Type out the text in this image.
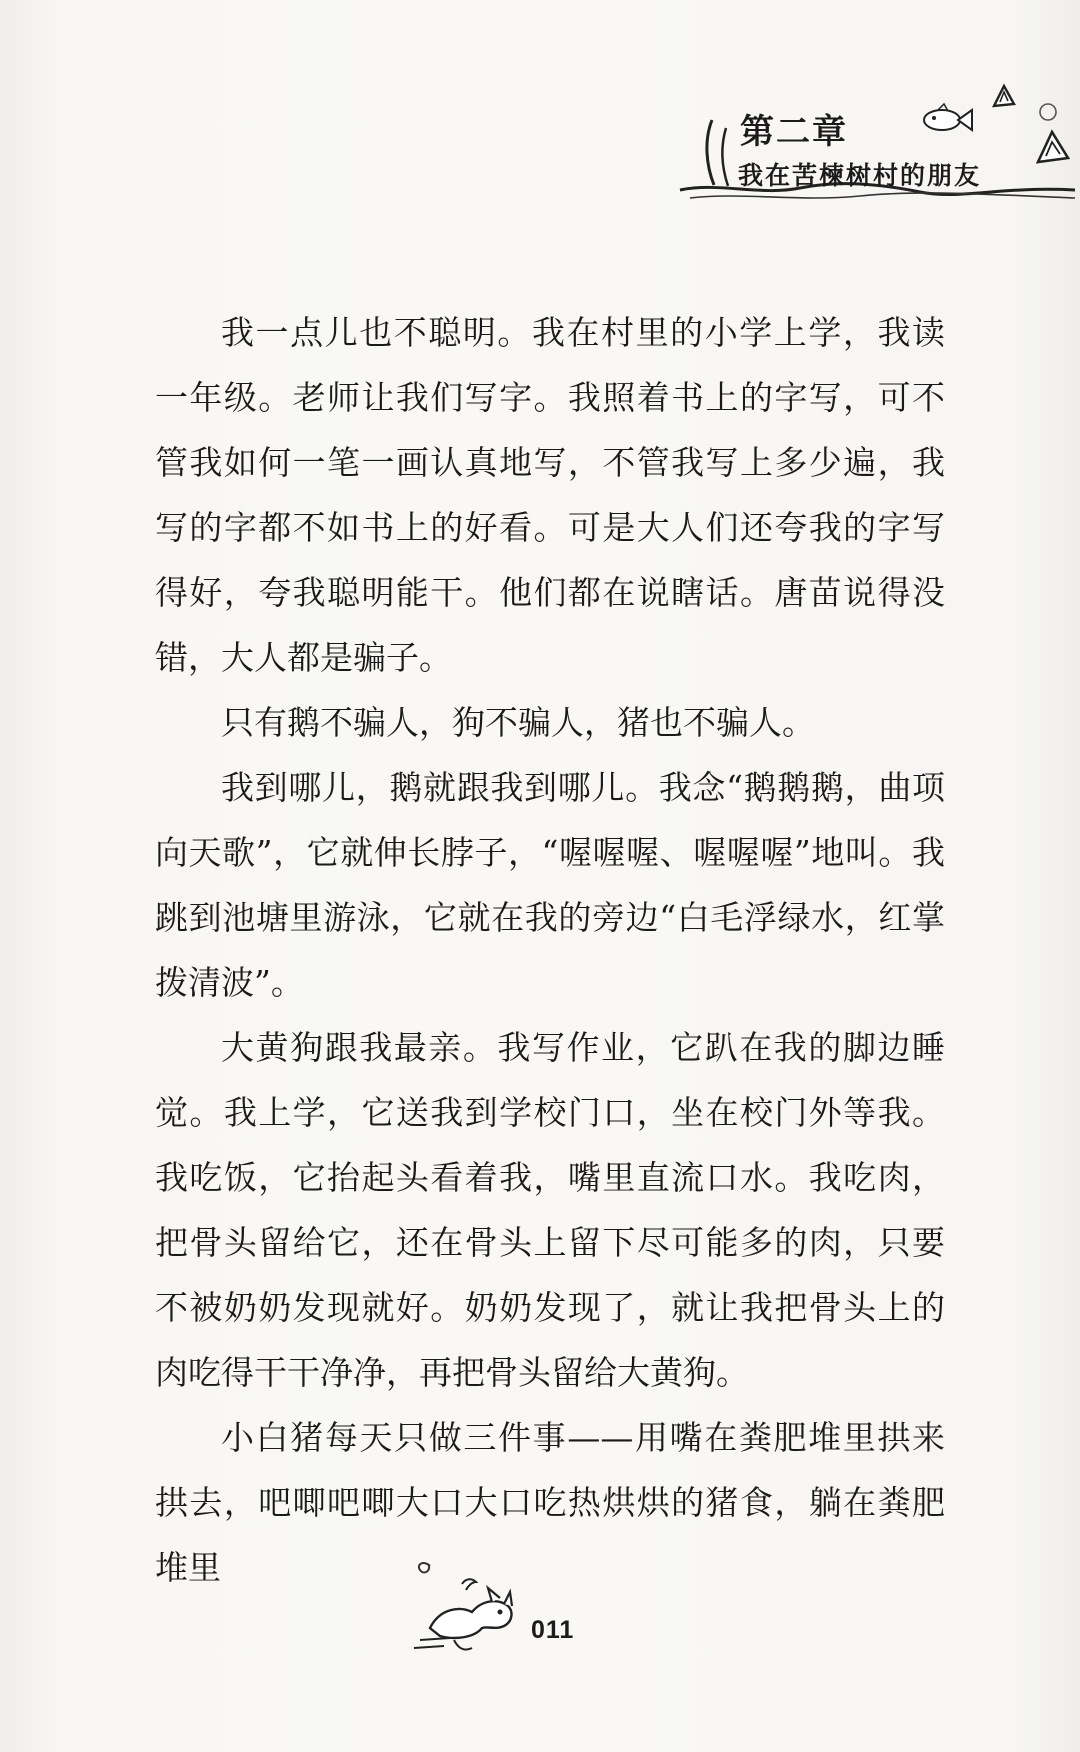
第二章
我在苦楝树村的朋友

我一点儿也不聪明。我在村里的小学上学，我读一年级。老师让我们写字。我照着书上的字写，可不管我如何一笔一画认真地写，不管我写上多少遍，我写的字都不如书上的好看。可是大人们还夸我的字写得好，夸我聪明能干。他们都在说瞎话。唐苗说得没错，大人都是骗子。

只有鹅不骗人，狗不骗人，猪也不骗人。

我到哪儿，鹅就跟我到哪儿。我念“鹅鹅鹅，曲项向天歌”，它就伸长脖子，“喔喔喔、喔喔喔”地叫。我跳到池塘里游泳，它就在我的旁边“白毛浮绿水，红掌拨清波”。

大黄狗跟我最亲。我写作业，它趴在我的脚边睡觉。我上学，它送我到学校门口，坐在校门外等我。我吃饭，它抬起头看着我，嘴里直流口水。我吃肉，把骨头留给它，还在骨头上留下尽可能多的肉，只要不被奶奶发现就好。奶奶发现了，就让我把骨头上的肉吃得干干净净，再把骨头留给大黄狗。

小白猪每天只做三件事——用嘴在粪肥堆里拱来拱去，吧唧吧唧大口大口吃热烘烘的猪食，躺在粪肥堆里

011
